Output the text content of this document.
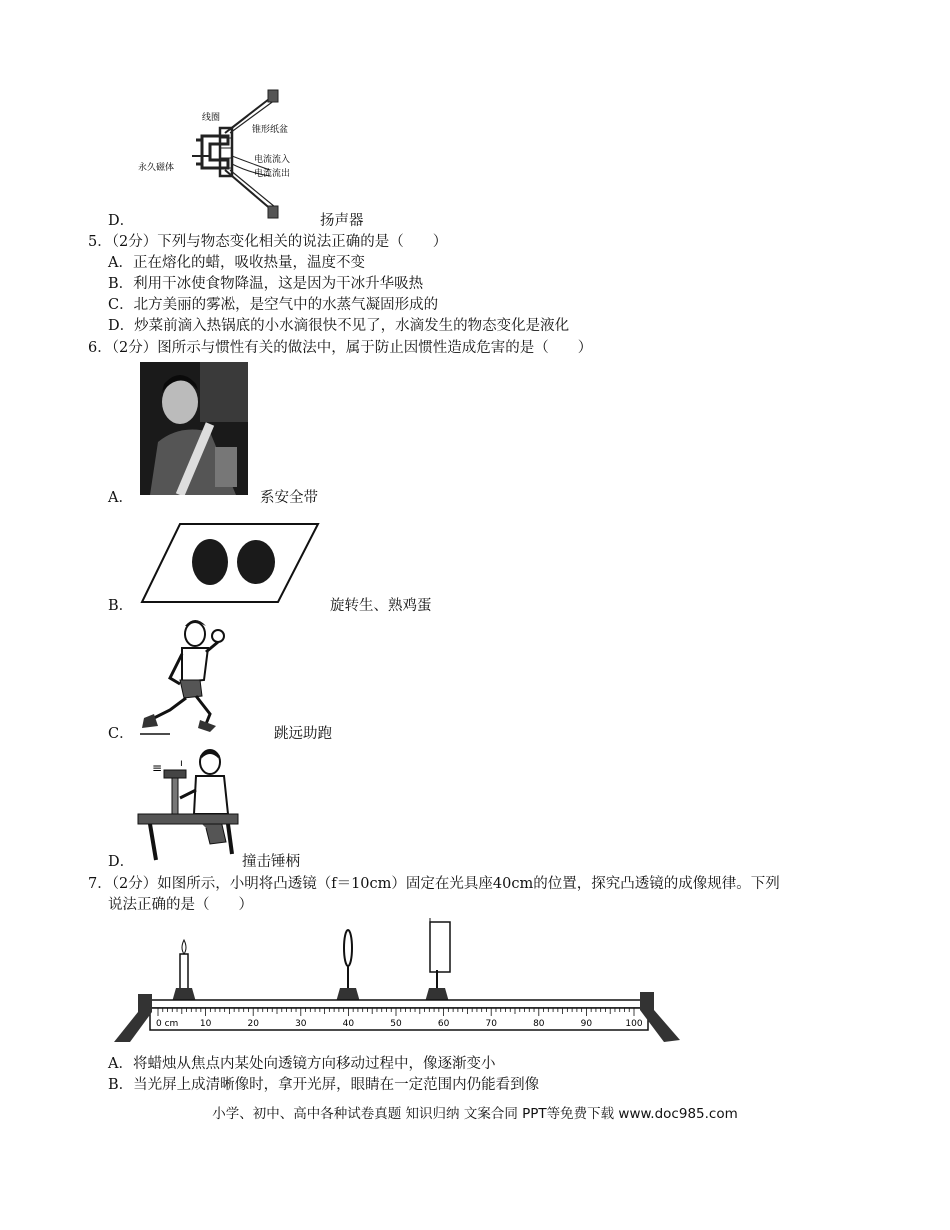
线圈
永久磁体
锥形纸盆
电流流入
电流流出
D．	扬声器
5．（2分）下列与物态变化相关的说法正确的是（　　）
A．正在熔化的蜡，吸收热量，温度不变
B．利用干冰使食物降温，这是因为干冰升华吸热
C．北方美丽的雾凇，是空气中的水蒸气凝固形成的
D．炒菜前滴入热锅底的小水滴很快不见了，水滴发生的物态变化是液化
6．（2分）图所示与惯性有关的做法中，属于防止因惯性造成危害的是（　　）
A．	系安全带
B．	旋转生、熟鸡蛋
C．	跳远助跑
≡ ı
D．	撞击锤柄
7．（2分）如图所示，小明将凸透镜（f＝10cm）固定在光具座40cm的位置，探究凸透镜的成像规律。下列
说法正确的是（　　）
0 cm 10	20	30	40	50	60	70	80	90	100
A．将蜡烛从焦点内某处向透镜方向移动过程中，像逐渐变小
B．当光屏上成清晰像时，拿开光屏，眼睛在一定范围内仍能看到像
小学、初中、高中各种试卷真题 知识归纳 文案合同 PPT等免费下载 www.doc985.com
